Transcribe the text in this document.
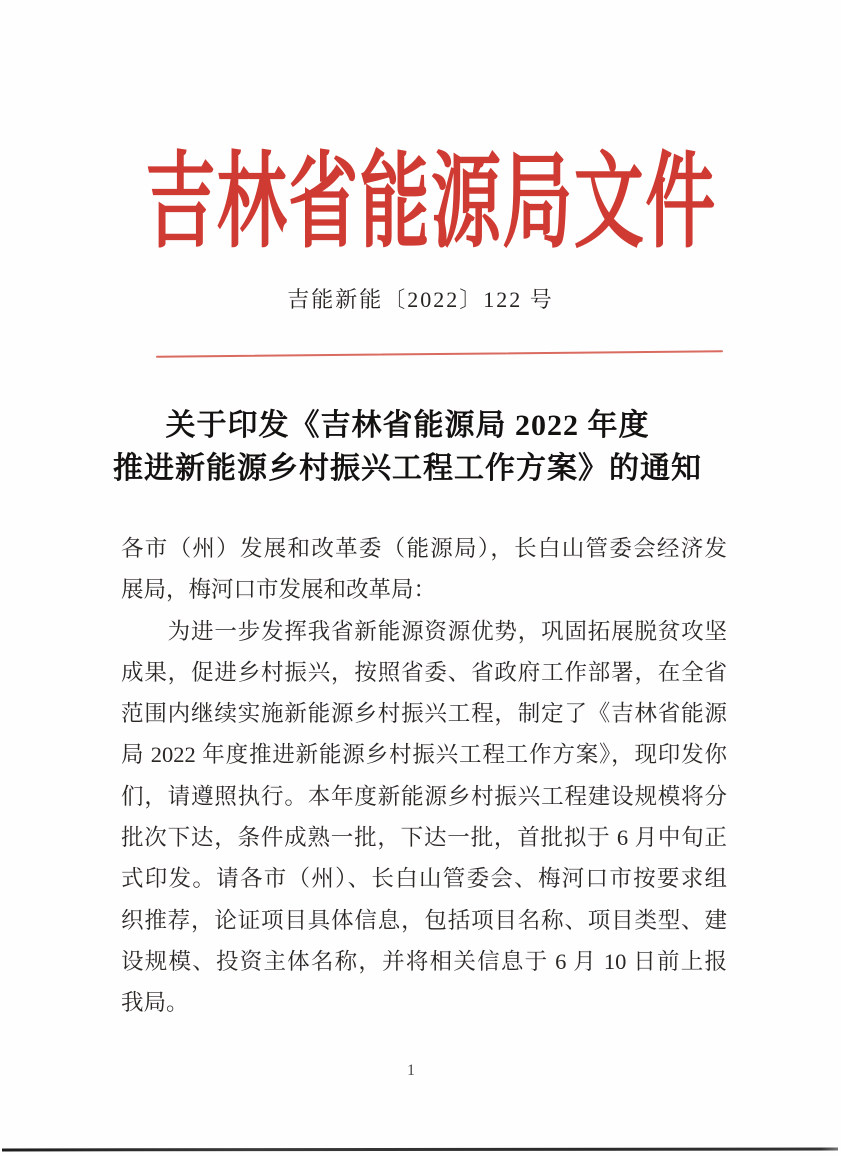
吉林省能源局文件
吉能新能〔2022〕122 号
关于印发《吉林省能源局 2022 年度
推进新能源乡村振兴工程工作方案》的通知
各市（州）发展和改革委（能源局），长白山管委会经济发
展局，梅河口市发展和改革局：
　　为进一步发挥我省新能源资源优势，巩固拓展脱贫攻坚
成果，促进乡村振兴，按照省委、省政府工作部署，在全省
范围内继续实施新能源乡村振兴工程，制定了《吉林省能源
局 2022 年度推进新能源乡村振兴工程工作方案》，现印发你
们，请遵照执行。本年度新能源乡村振兴工程建设规模将分
批次下达，条件成熟一批，下达一批，首批拟于 6 月中旬正
式印发。请各市（州）、长白山管委会、梅河口市按要求组
织推荐，论证项目具体信息，包括项目名称、项目类型、建
设规模、投资主体名称，并将相关信息于 6 月 10 日前上报
我局。
1
